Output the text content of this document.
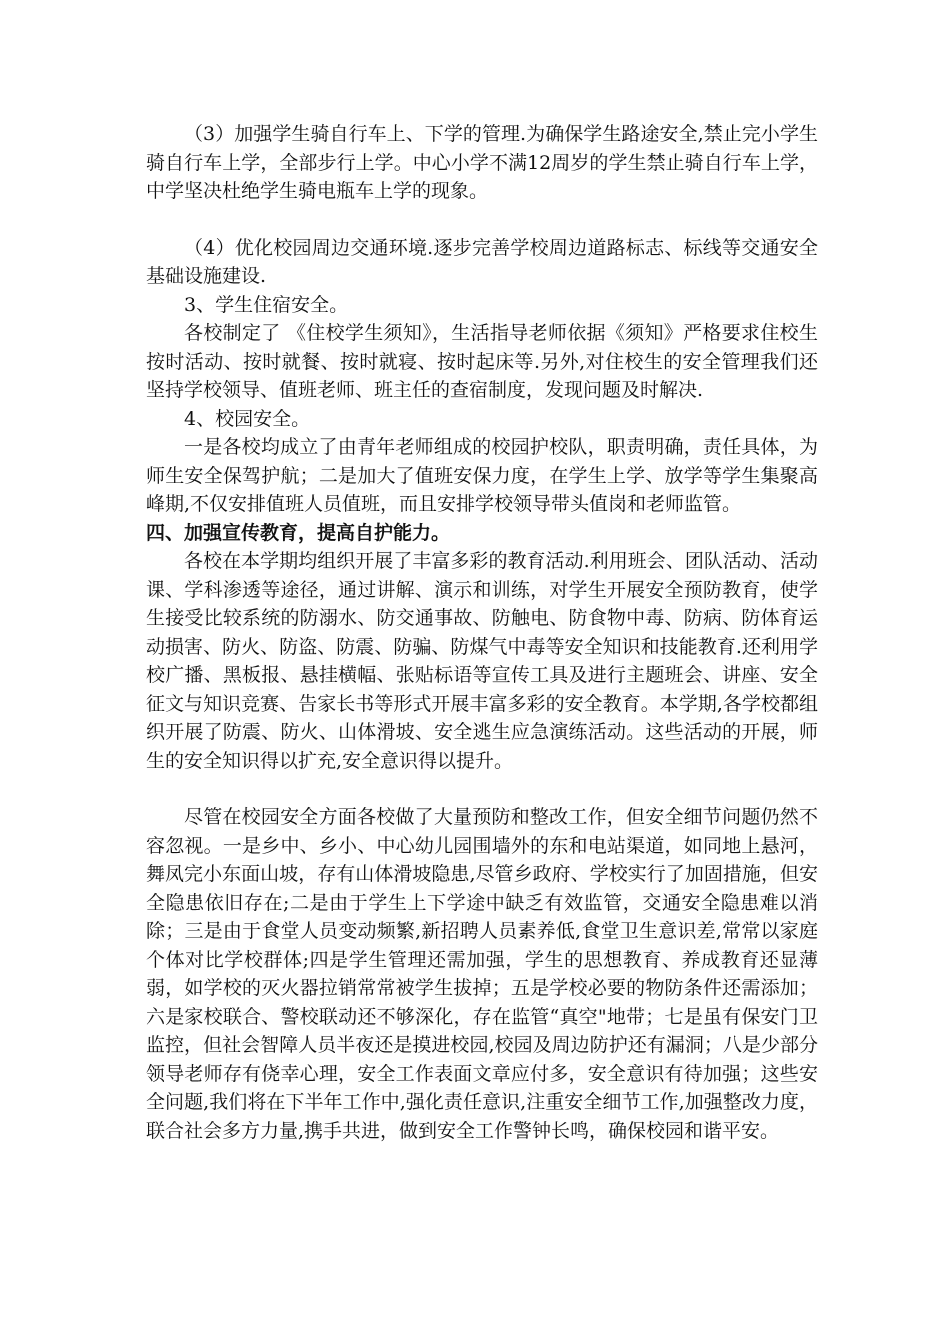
（3）加强学生骑自行车上、下学的管理.为确保学生路途安全,禁止完小学生骑自行车上学，全部步行上学。中心小学不满12周岁的学生禁止骑自行车上学，中学坚决杜绝学生骑电瓶车上学的现象。

（4）优化校园周边交通环境.逐步完善学校周边道路标志、标线等交通安全基础设施建设.

3、学生住宿安全。

各校制定了 《住校学生须知》，生活指导老师依据《须知》严格要求住校生按时活动、按时就餐、按时就寝、按时起床等.另外,对住校生的安全管理我们还坚持学校领导、值班老师、班主任的查宿制度，发现问题及时解决.

4、校园安全。

一是各校均成立了由青年老师组成的校园护校队，职责明确，责任具体，为师生安全保驾护航；二是加大了值班安保力度，在学生上学、放学等学生集聚高峰期,不仅安排值班人员值班，而且安排学校领导带头值岗和老师监管。

四、加强宣传教育，提高自护能力。

各校在本学期均组织开展了丰富多彩的教育活动.利用班会、团队活动、活动课、学科渗透等途径，通过讲解、演示和训练，对学生开展安全预防教育，使学生接受比较系统的防溺水、防交通事故、防触电、防食物中毒、防病、防体育运动损害、防火、防盗、防震、防骗、防煤气中毒等安全知识和技能教育.还利用学校广播、黑板报、悬挂横幅、张贴标语等宣传工具及进行主题班会、讲座、安全征文与知识竞赛、告家长书等形式开展丰富多彩的安全教育。本学期,各学校都组织开展了防震、防火、山体滑坡、安全逃生应急演练活动。这些活动的开展，师生的安全知识得以扩充,安全意识得以提升。

尽管在校园安全方面各校做了大量预防和整改工作，但安全细节问题仍然不容忽视。一是乡中、乡小、中心幼儿园围墙外的东和电站渠道，如同地上悬河，舞凤完小东面山坡，存有山体滑坡隐患,尽管乡政府、学校实行了加固措施，但安全隐患依旧存在;二是由于学生上下学途中缺乏有效监管，交通安全隐患难以消除；三是由于食堂人员变动频繁,新招聘人员素养低,食堂卫生意识差,常常以家庭个体对比学校群体;四是学生管理还需加强，学生的思想教育、养成教育还显薄弱，如学校的灭火器拉销常常被学生拔掉；五是学校必要的物防条件还需添加；六是家校联合、警校联动还不够深化，存在监管“真空"地带；七是虽有保安门卫监控，但社会智障人员半夜还是摸进校园,校园及周边防护还有漏洞；八是少部分领导老师存有侥幸心理，安全工作表面文章应付多，安全意识有待加强；这些安全问题,我们将在下半年工作中,强化责任意识,注重安全细节工作,加强整改力度，联合社会多方力量,携手共进，做到安全工作警钟长鸣，确保校园和谐平安。
